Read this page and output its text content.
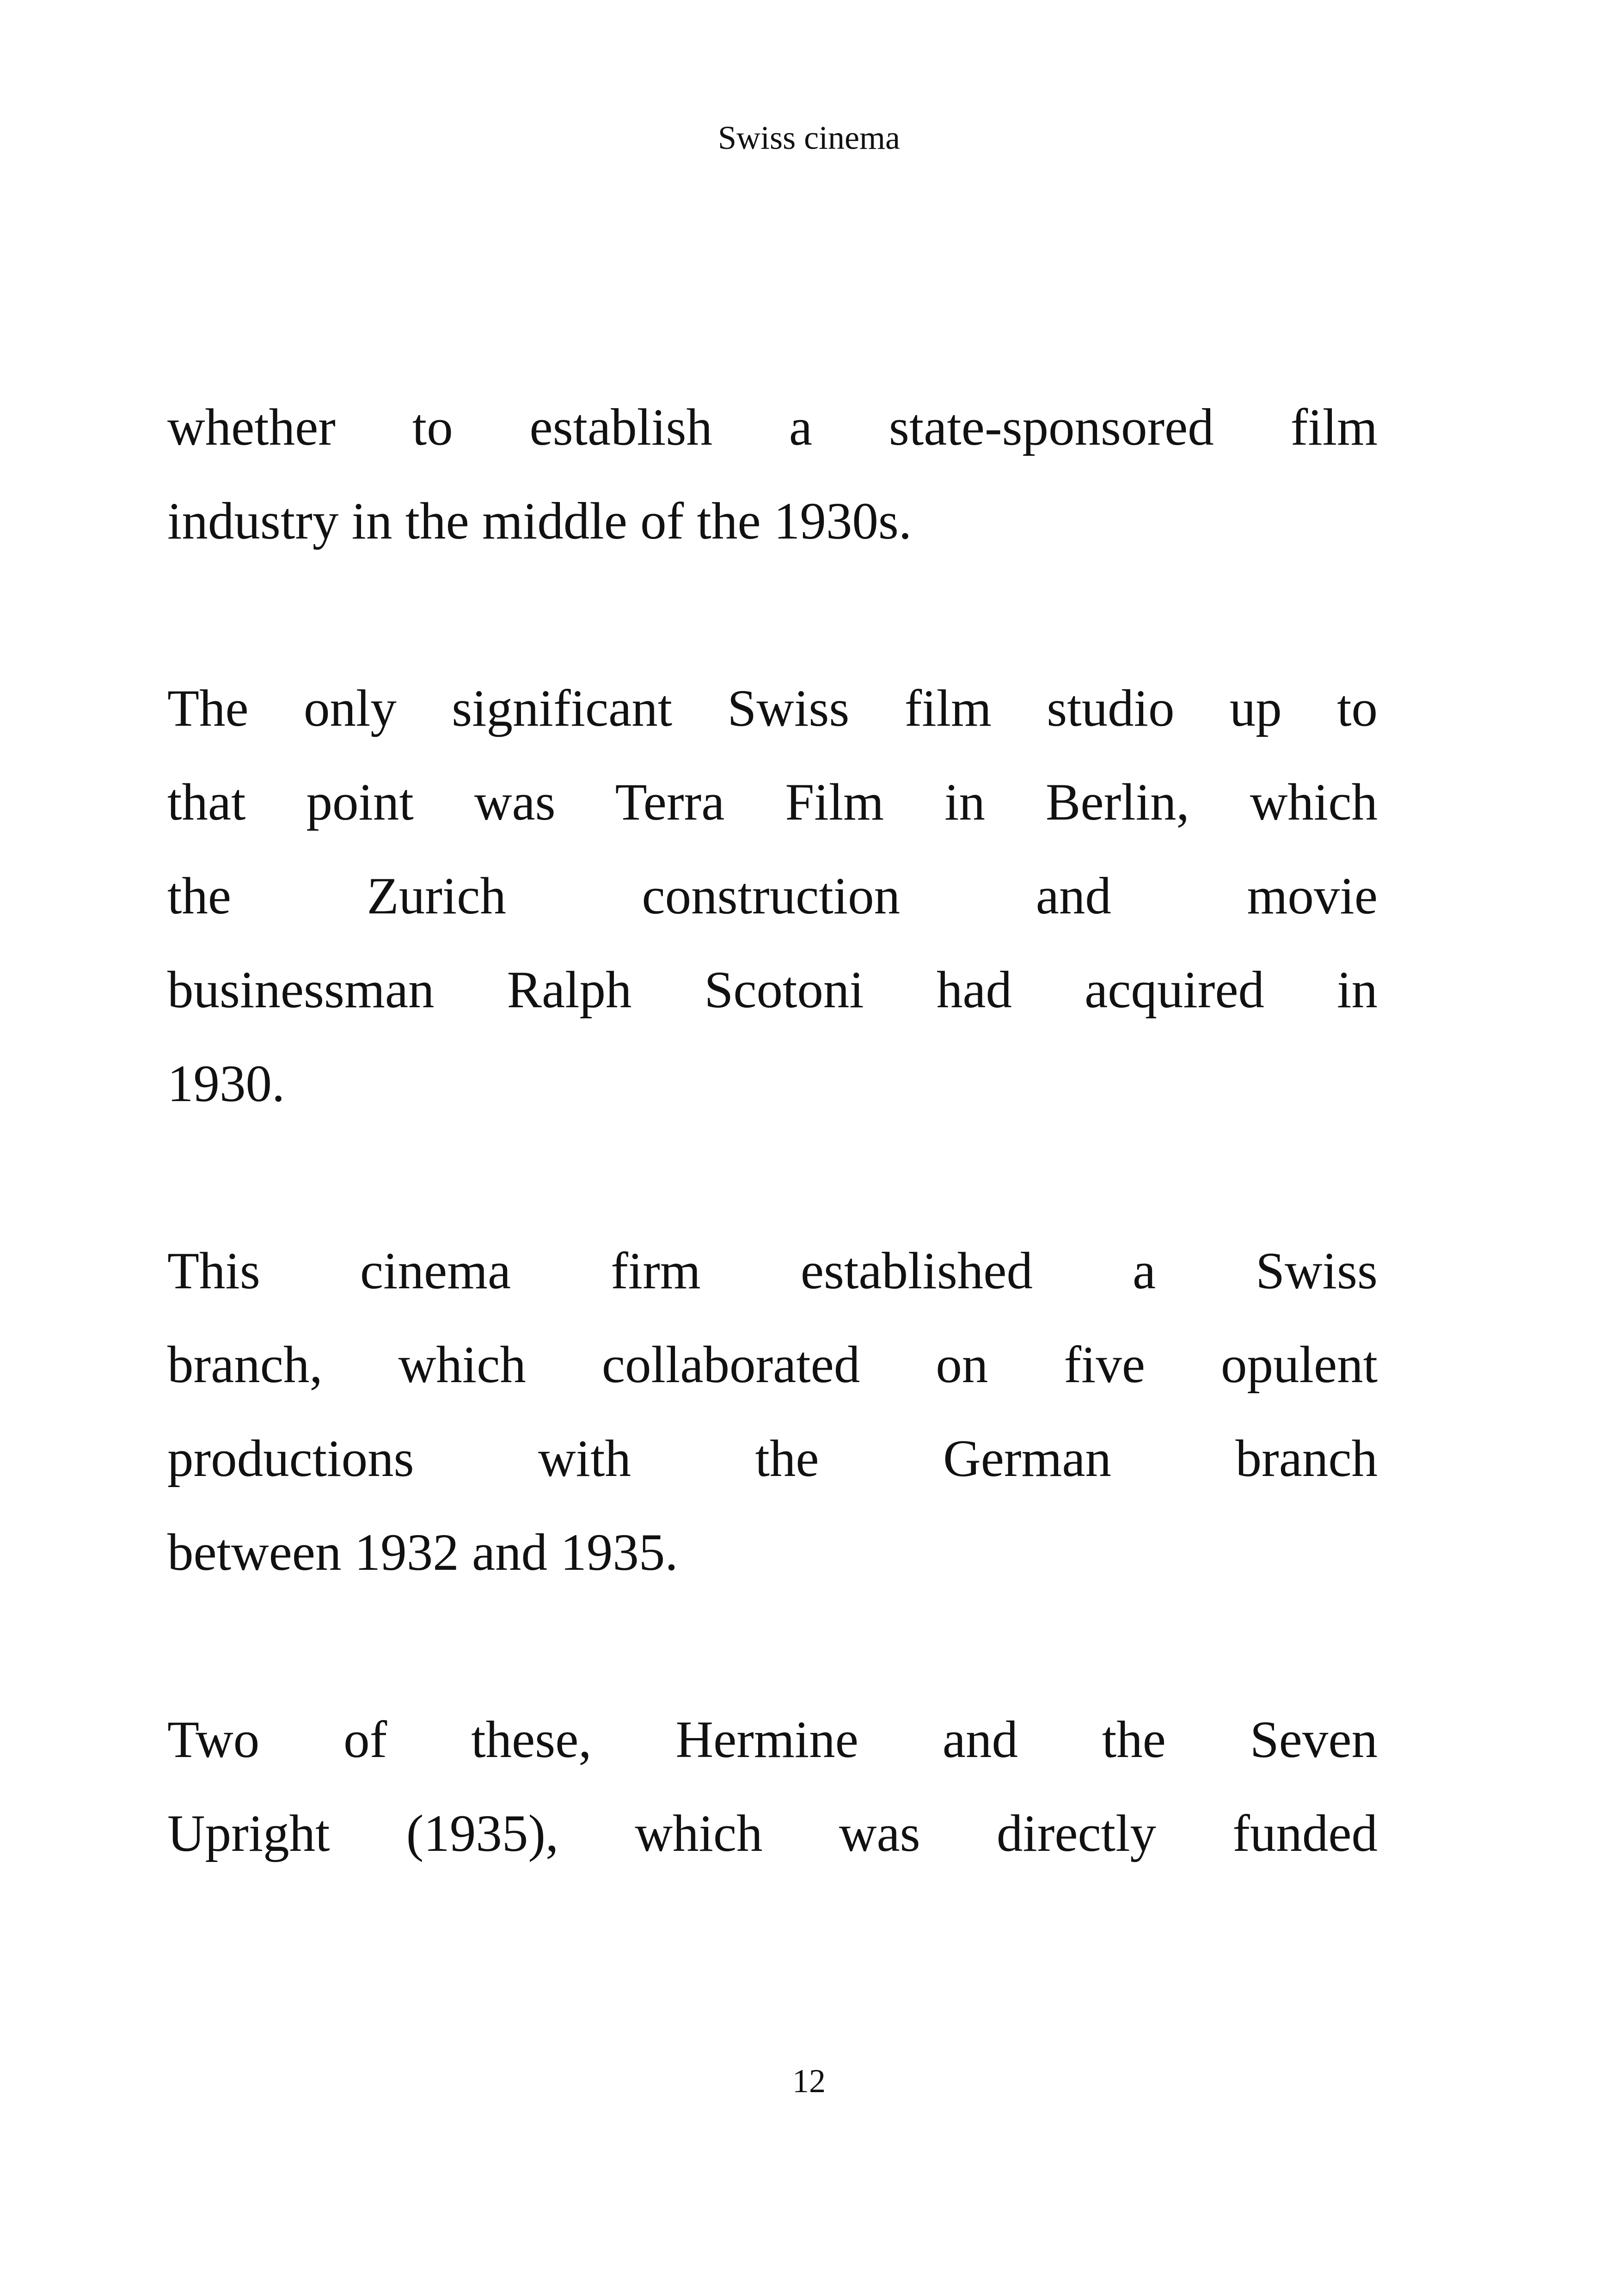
Swiss cinema
whether to establish a state-sponsored film
industry in the middle of the 1930s.
The only significant Swiss film studio up to
that point was Terra Film in Berlin, which
the Zurich construction and movie
businessman Ralph Scotoni had acquired in
1930.
This cinema firm established a Swiss
branch, which collaborated on five opulent
productions with the German branch
between 1932 and 1935.
Two of these, Hermine and the Seven
Upright (1935), which was directly funded
12
